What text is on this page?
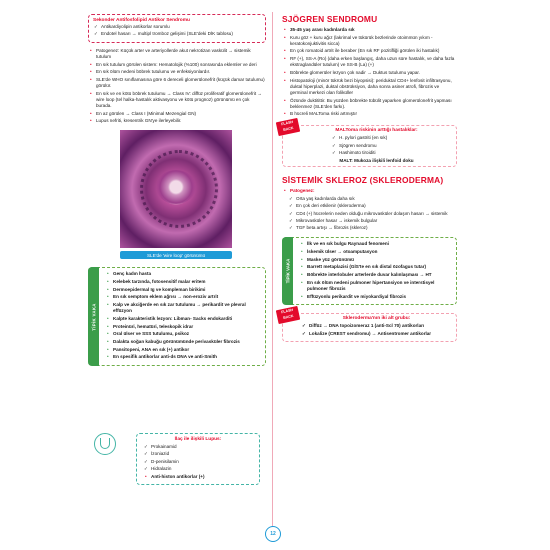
Sekonder Antifosfolipid Antikor Sendromu
✓ Antikardiyolipin antikorlar sorumlu
✓ Endotel hasarı → multipl tromboz gelişimi (SLE'deki DİK tablosu)
• Patogenez: Küçük arter ve arteriyollerde akut nekrotizan vaskülit → sistemik tutulum
• En sık tutulum görülen sistem: Hematolojik (%100) sonrasında eklemler ve deri
• En sık ölüm nedeni böbrek tutulumu ve enfeksiyonlardır.
• SLE'de WHO sınıflamasına göre 6 dereceli glomerülonefrit (küçük damar tutulumu) görülür.
• En sık ve en kötü böbrek tutulumu → Class IV: diffüz proliferatif glomerülonefrit → wire loop (tel halka-hastalık aktivasyonu ve kötü prognoz) görünümü en çok burada.
• En az görülen → Class I (Minimal Mezengial GN)
• Lupus nefriti, kresentrik GN'ye ilerleyebilir.
SLE'de 'wire loop' görünümü
TİPİK VAKA
• Genç kadın hasta
• Kelebek tarzında, fotosensitif malar eritem
• Dermoepidermal Ig ve kompleman birikimi
• En sık semptom eklem ağrısı → non-eroziv artrit
• Kalp ve akciğerde en sık zar tutulumu → perikardit ve plevral effüzyon
• Kalpte karakteristik lezyon: Libman- Sacks endokarditi
• Proteinüri, hematüri, teleskopik idrar
• Oral ülser ve SSS tutulumu, psikoz
• Dalakta soğan kabuğu görünümünde perivasküler fibrozis
• Pansitopeni, ANA en sık (+) antikor
• En spesifik antikorlar anti-ds DNA ve anti-Smith
İlaç ile ilişkili Lupus:
✓ Prokainamid
✓ İzoniazid
✓ D-penisilamin
✓ Hidralazin
• Anti-histon antikorlar (+)
SJÖGREN SENDROMU
• 35-45 yaş arası kadınlarda sık
• Kuru göz + kuru ağız (lakrimal ve tükürük bezlerinde otoimmün yıkım - keratokonjuktivitis sicca)
• En çok romatoid artrit ile beraber (En sık RF pozitifliği görülen iki hastalık)
• RF (+), SS-A (Ro) (daha erken başlangıç, daha uzun süre hastalık, ve daha fazla ekstraglandüler tutulum) ve SS-B (La) (+)
• Böbrekte glomerüler lezyon çok nadir → Duktus tutulumu yapar.
• Histopatoloji (minör tükrük bezi biyopsisi): periduktal CD4+ lenfosit infiltrasyonu, duktal hiperplazi, duktal obstrüksiyon, daha sonra asiner atrofi, fibrozis ve germinal merkezi olan foliküller
• Özünde duktitittir. Bu yüzden böbrekte tübülit yaparken glomerülonefrit yapması beklenmez (SLE'den farkı).
• B hücreli MALToma riski artmıştır
FLASH BACK	MALToma riskinin arttığı hastalıklar:
✓ H. pylori gastriti (en sık)
✓ Sjögren sendromu
✓ Hashimoto tiroiditi
MALT: Mukoza ilişkili lenfoid doku
SİSTEMİK SKLEROZ (SKLERODERMA)
• Patogenez:
✓ Orta yaş kadınlarda daha sık
✓ En çok deri etkilenir (skleroderma)
✓ CD4 (+) hücrelerin neden olduğu mikrovasküler dolaşım hasarı → sistemik
✓ Mikrovasküler hasar → iskemik bulgular
✓ TGF beta artışı → fibrozis (skleroz)
TİPİK VAKA
• İlk ve en sık bulgu Raynaud fenomeni
• İskemik ülser → otoamputasyon
• Maske yüz görünümü
• Barrett metaplazisi (GİS'te en sık distal özofagus tutar)
• Böbrekte interlobuler arterlerde duvar kalınlaşması → HT
• En sık ölüm nedeni pulmoner hipertansiyon ve interstisyel pulmoner fibrozis
• Effüzyonlu perikardit ve miyokardiyal fibrozis
FLASH BACK	Skleroderma'nın iki alt grubu:
✓ Diffüz → DNA topoizomeraz 1 (anti-Scl 70) antikorları
✓ Lokalize (CREST sendromu) → Antisentromer antikorlar
12
